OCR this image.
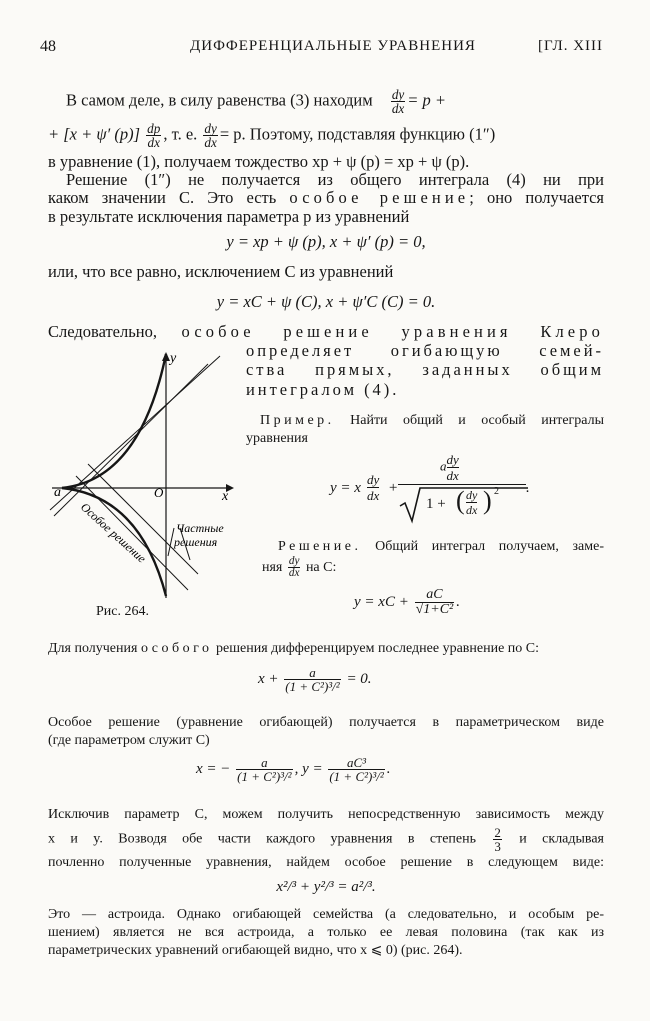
48	ДИФФЕРЕНЦИАЛЬНЫЕ УРАВНЕНИЯ	[ГЛ. XIII
В самом деле, в силу равенства (3) находим $\frac{dy}{dx} = p$ +
+ [x + ψ′ $(p)] \frac{dp}{dx}$ , т. е. $\frac{dy}{dx} = p$. Поэтому, подставляя функцию (1″)
в уравнение (1), получаем тождество xp + ψ (p) = xp + ψ (p).
Решение (1″) не получается из общего интеграла (4) ни при
каком значении C. Это есть особое решение; оно получается
в результате исключения параметра p из уравнений
y = xp + ψ (p), x + ψ′ (p) = 0,
или, что все равно, исключением C из уравнений
y = xC + ψ (C), x + ψ′C (C) = 0.
Следовательно, особое решение уравнения Клеро
определяет огибающую семей-
ства прямых, заданных общим
интегралом (4).
Пример. Найти общий и особый интегралы
уравнения
y = x
dy
dx +
a $\frac{dy}{dx}$
1 + ( dy
dx ) 2 .
Решение. Общий интеграл получаем, заме-
няя $\frac{dy}{dx}$ на C:
y = xC + $\frac{aC}{\text{√1+C²}}$ .
y
x
a	O
Особое решение Частные
решения
Рис. 264.
Для получения особого решения дифференцируем последнее уравнение по C:
$x + \frac{a}{\text{(1 + C²)³/²}} = 0$.
Особое решение (уравнение огибающей) получается в параметрическом виде
(где параметром служит C)
x = − $\frac{a}{\text{(1 + C²)³/²}}$ , $y = \frac{\text{aC³}}{\text{(1 + C²)³/²}}$ .
Исключив параметр C, можем получить непосредственную зависимость между
x и y. Возводя обе части каждого уравнения в степень $\frac{2}{3}$ и складывая
почленно полученные уравнения, найдем особое решение в следующем виде:
x²/³ + y²/³ = a²/³.
Это — астроида. Однако огибающей семейства (а следовательно, и особым ре-
шением) является не вся астроида, а только ее левая половина (так как из
параметрических уравнений огибающей видно, что x ⩽ 0) (рис. 264).
